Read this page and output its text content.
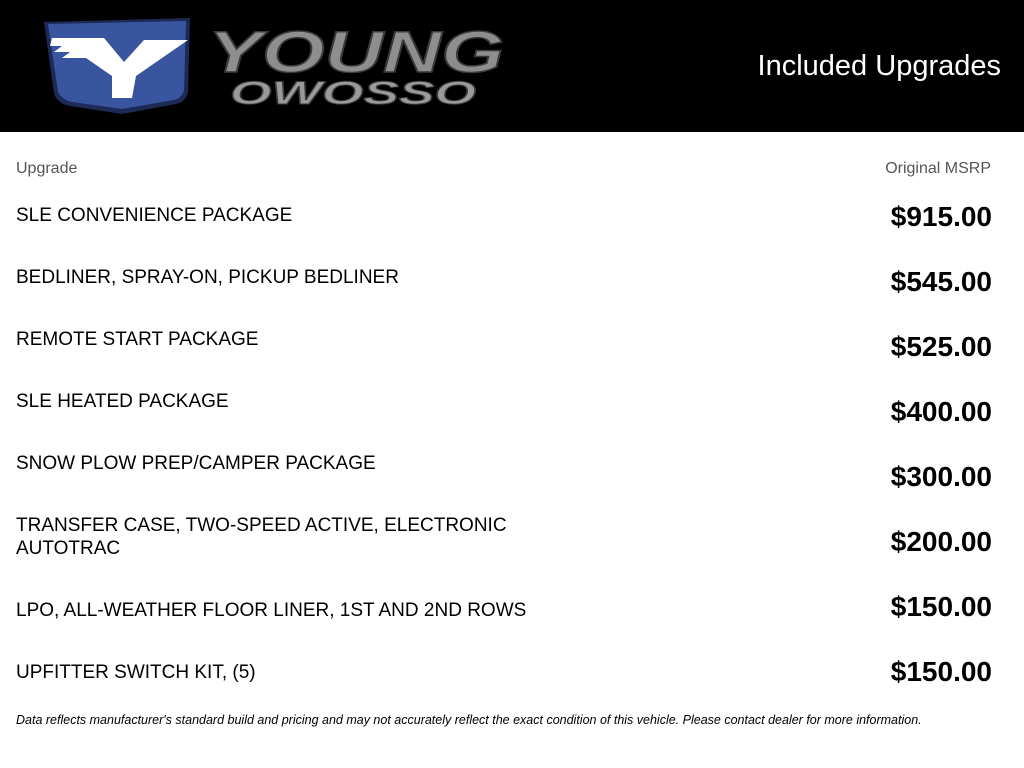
YOUNG
OWOSSO
Included Upgrades
Upgrade	Original MSRP
SLE CONVENIENCE PACKAGE	$915.00
BEDLINER, SPRAY-ON, PICKUP BEDLINER	$545.00
REMOTE START PACKAGE	$525.00
SLE HEATED PACKAGE	$400.00
SNOW PLOW PREP/CAMPER PACKAGE	$300.00
TRANSFER CASE, TWO-SPEED ACTIVE, ELECTRONIC AUTOTRAC	$200.00
LPO, ALL-WEATHER FLOOR LINER, 1ST AND 2ND ROWS	$150.00
UPFITTER SWITCH KIT, (5)	$150.00
Data reflects manufacturer's standard build and pricing and may not accurately reflect the exact condition of this vehicle. Please contact dealer for more information.
